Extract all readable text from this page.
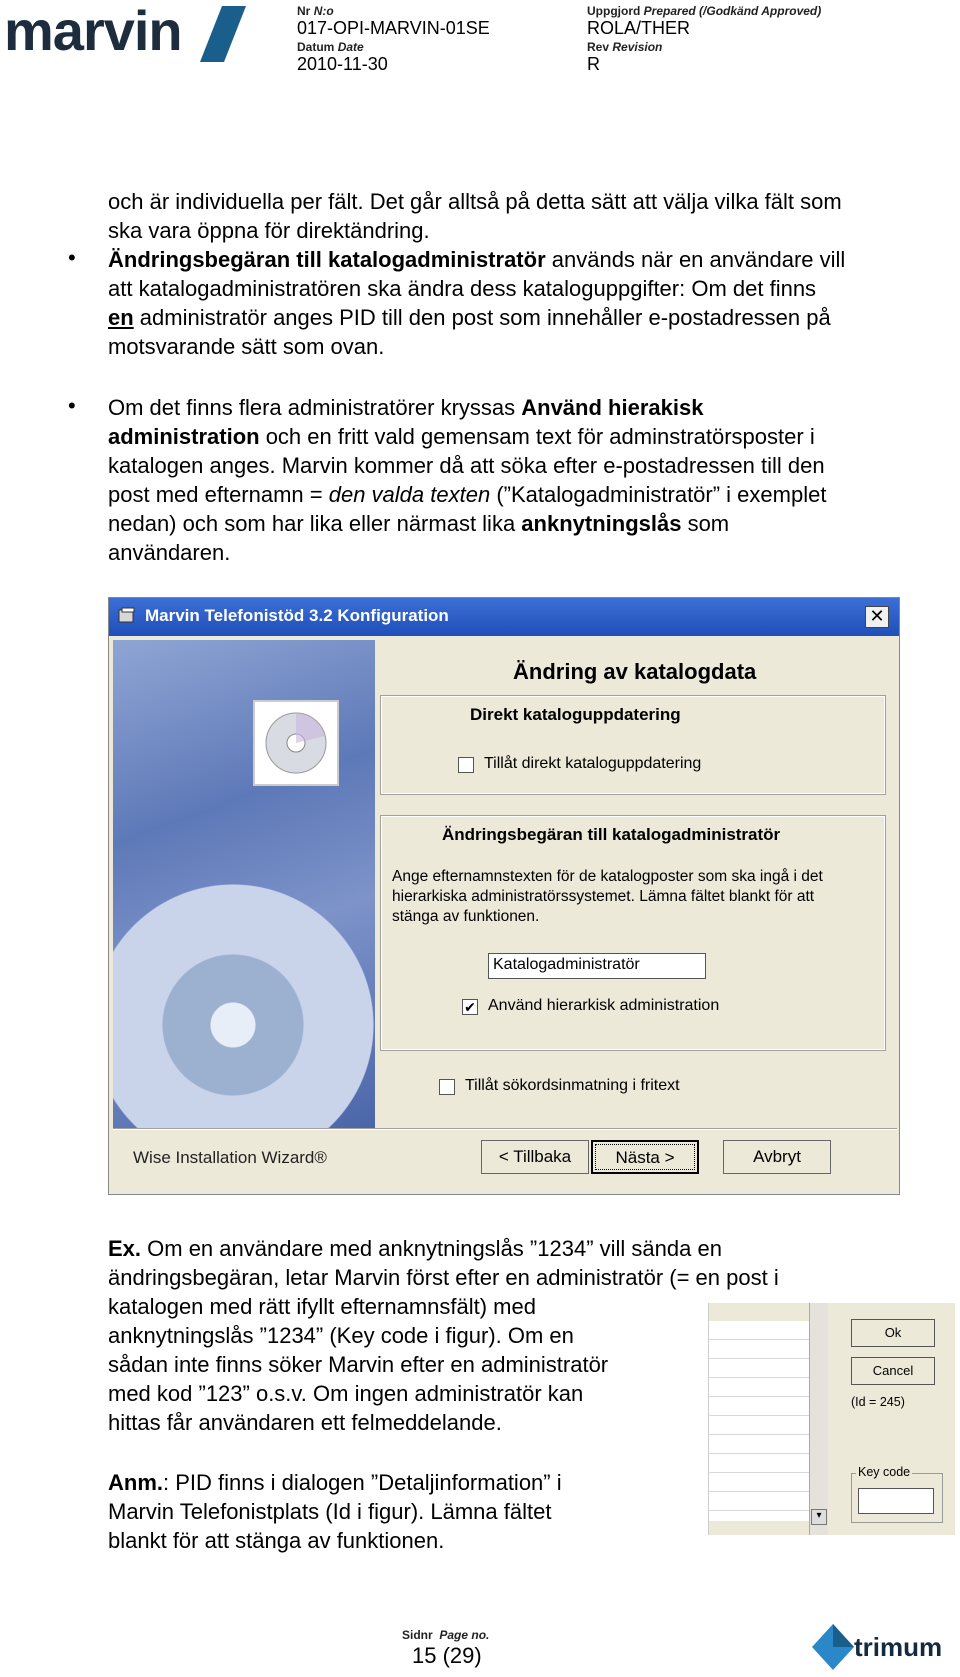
marvin	Nr N:o
017-OPI-MARVIN-01SE
Datum Date
2010-11-30
Uppgjord Prepared (/Godkänd Approved)
ROLA/THER
Rev Revision
R
och är individuella per fält. Det går alltså på detta sätt att välja vilka fält som
ska vara öppna för direktändring.
• Ändringsbegäran till katalogadministratör används när en användare vill
att katalogadministratören ska ändra dess kataloguppgifter: Om det finns
en administratör anges PID till den post som innehåller e-postadressen på
motsvarande sätt som ovan.
• Om det finns flera administratörer kryssas Använd hierakisk
administration och en fritt vald gemensam text för adminstratörsposter i
katalogen anges. Marvin kommer då att söka efter e-postadressen till den
post med efternamn = den valda texten (”Katalogadministratör” i exemplet
nedan) och som har lika eller närmast lika anknytningslås som
användaren.
Marvin Telefonistöd 3.2 Konfiguration	✕
Ändring av katalogdata
Direkt kataloguppdatering
Tillåt direkt kataloguppdatering
Ändringsbegäran till katalogadministratör
Ange efternamnstexten för de katalogposter som ska ingå i det
hierarkiska administratörssystemet. Lämna fältet blankt för att
stänga av funktionen.
Katalogadministratör
✔ Använd hierarkisk administration
Tillåt sökordsinmatning i fritext
Wise Installation Wizard®	< Tillbaka	Nästa >	Avbryt
Ex. Om en användare med anknytningslås ”1234” vill sända en
ändringsbegäran, letar Marvin först efter en administratör (= en post i
katalogen med rätt ifyllt efternamnsfält) med
anknytningslås ”1234” (Key code i figur). Om en
sådan inte finns söker Marvin efter en administratör
med kod ”123” o.s.v. Om ingen administratör kan
hittas får användaren ett felmeddelande.
Anm.: PID finns i dialogen ”Detaljinformation” i
Marvin Telefonistplats (Id i figur). Lämna fältet
blankt för att stänga av funktionen.
▾
Ok
Cancel
(Id = 245)
Key code
Sidnr Page no.
15 (29)	trimum
